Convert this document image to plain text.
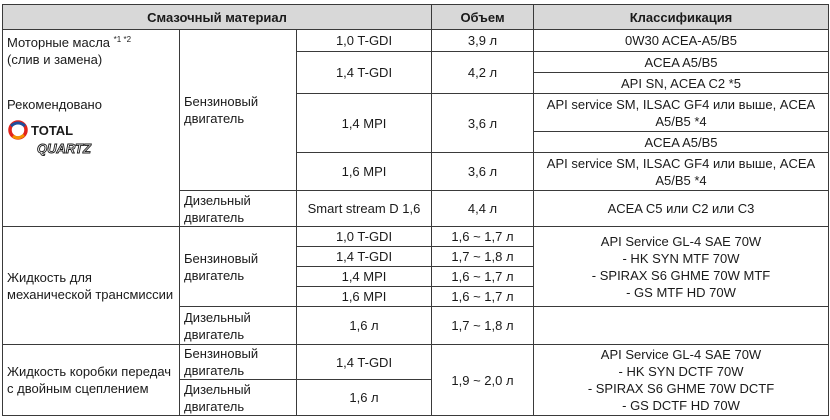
Смазочный материал			Объем	Классификация

Моторные масла $^{*1 *2}$
(слив и замена)
Рекомендовано
TOTAL
QUARTZ	Бензиновый двигатель	1,0 T-GDI	3,9 л	0W30 ACEA-A5/B5
		1,4 T-GDI	4,2 л	ACEA A5/B5
				API SN, ACEA C2 *5
		1,4 MPI	3,6 л	API service SM, ILSAC GF4 или выше, ACEA A5/B5 *4
				ACEA A5/B5
		1,6 MPI	3,6 л	API service SM, ILSAC GF4 или выше, ACEA A5/B5 *4

	Дизельный двигатель	Smart stream D 1,6	4,4 л	ACEA C5 или C2 или C3
Жидкость для механической трансмиссии	Бензиновый двигатель	1,0 T-GDI	1,6 ~ 1,7 л	API Service GL-4 SAE 70W
- HK SYN MTF 70W
- SPIRAX S6 GHME 70W MTF
- GS MTF HD 70W

		1,4 T-GDI	1,7 ~ 1,8 л	
		1,4 MPI	1,6 ~ 1,7 л	
		1,6 MPI	1,6 ~ 1,7 л	
	Дизельный двигатель	1,6 л	1,7 ~ 1,8 л	
Жидкость коробки передач с двойным сцеплением	Бензиновый двигатель	1,4 T-GDI	1,9 ~ 2,0 л	API Service GL-4 SAE 70W
- HK SYN DCTF 70W
- SPIRAX S6 GHME 70W DCTF
- GS DCTF HD 70W

	Дизельный двигатель	1,6 л		
